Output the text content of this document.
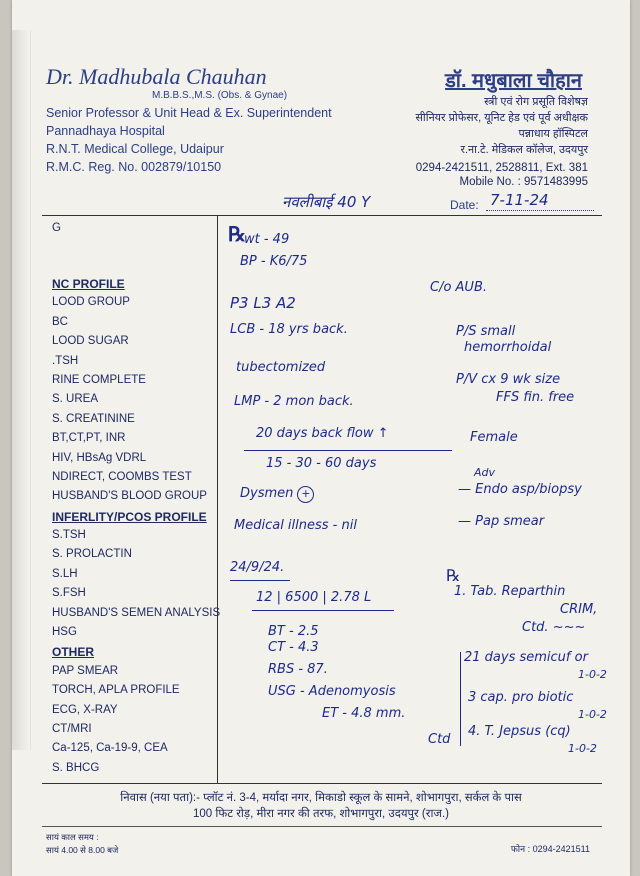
Dr. Madhubala Chauhan
M.B.B.S.,M.S. (Obs. & Gynae)
Senior Professor & Unit Head & Ex. Superintendent
Pannadhaya Hospital
R.N.T. Medical College, Udaipur
R.M.C. Reg. No. 002879/10150
डॉ. मधुबाला चौहान
स्त्री एवं रोग प्रसूति विशेषज्ञ
सीनियर प्रोफेसर, यूनिट हेड एवं पूर्व अधीक्षक
पन्नाधाय हॉस्पिटल
र.ना.टे. मेडिकल कॉलेज, उदयपुर
0294-2421511, 2528811, Ext. 381
Mobile No. : 9571483995
नवलीबाई 40 Y	Date: 7-11-24
G
NC PROFILE
LOOD GROUP
BC
LOOD SUGAR
.TSH
RINE COMPLETE
S. UREA
S. CREATININE
BT,CT,PT, INR
HIV, HBsAg VDRL
NDIRECT, COOMBS TEST
HUSBAND'S BLOOD GROUP
INFERLITY/PCOS PROFILE
S.TSH
S. PROLACTIN
S.LH
S.FSH
HUSBAND'S SEMEN ANALYSIS
HSG
OTHER
PAP SMEAR
TORCH, APLA PROFILE
ECG, X-RAY
CT/MRI
Ca-125, Ca-19-9, CEA
S. BHCG
℞
wt - 49
BP - K6/75
C/o AUB.
P3 L3 A2
LCB - 18 yrs back.
tubectomized
LMP - 2 mon back.
20 days back flow ↑
15 - 30 - 60 days
Dysmen +
Medical illness - nil
P/S small
hemorrhoidal
P/V cx 9 wk size
FFS fin. free
Female
Adv
— Endo asp/biopsy
— Pap smear
24/9/24.
12 | 6500 | 2.78 L
BT - 2.5
CT - 4.3
RBS - 87.
USG - Adenomyosis
ET - 4.8 mm.
℞
1. Tab. Reparthin
CRIM,
Ctd. ~~~
21 days semicuf or
1-0-2
3 cap. pro biotic
1-0-2
4. T. Jepsus (cq)
1-0-2
Ctd
निवास (नया पता):- प्लॉट नं. 3-4, मर्यादा नगर, मिकाडो स्कूल के सामने, शोभागपुरा, सर्कल के पास
100 फिट रोड़, मीरा नगर की तरफ, शोभागपुरा, उदयपुर (राज.)
सायं काल समय :
सायं 4.00 से 8.00 बजे	फोन : 0294-2421511
